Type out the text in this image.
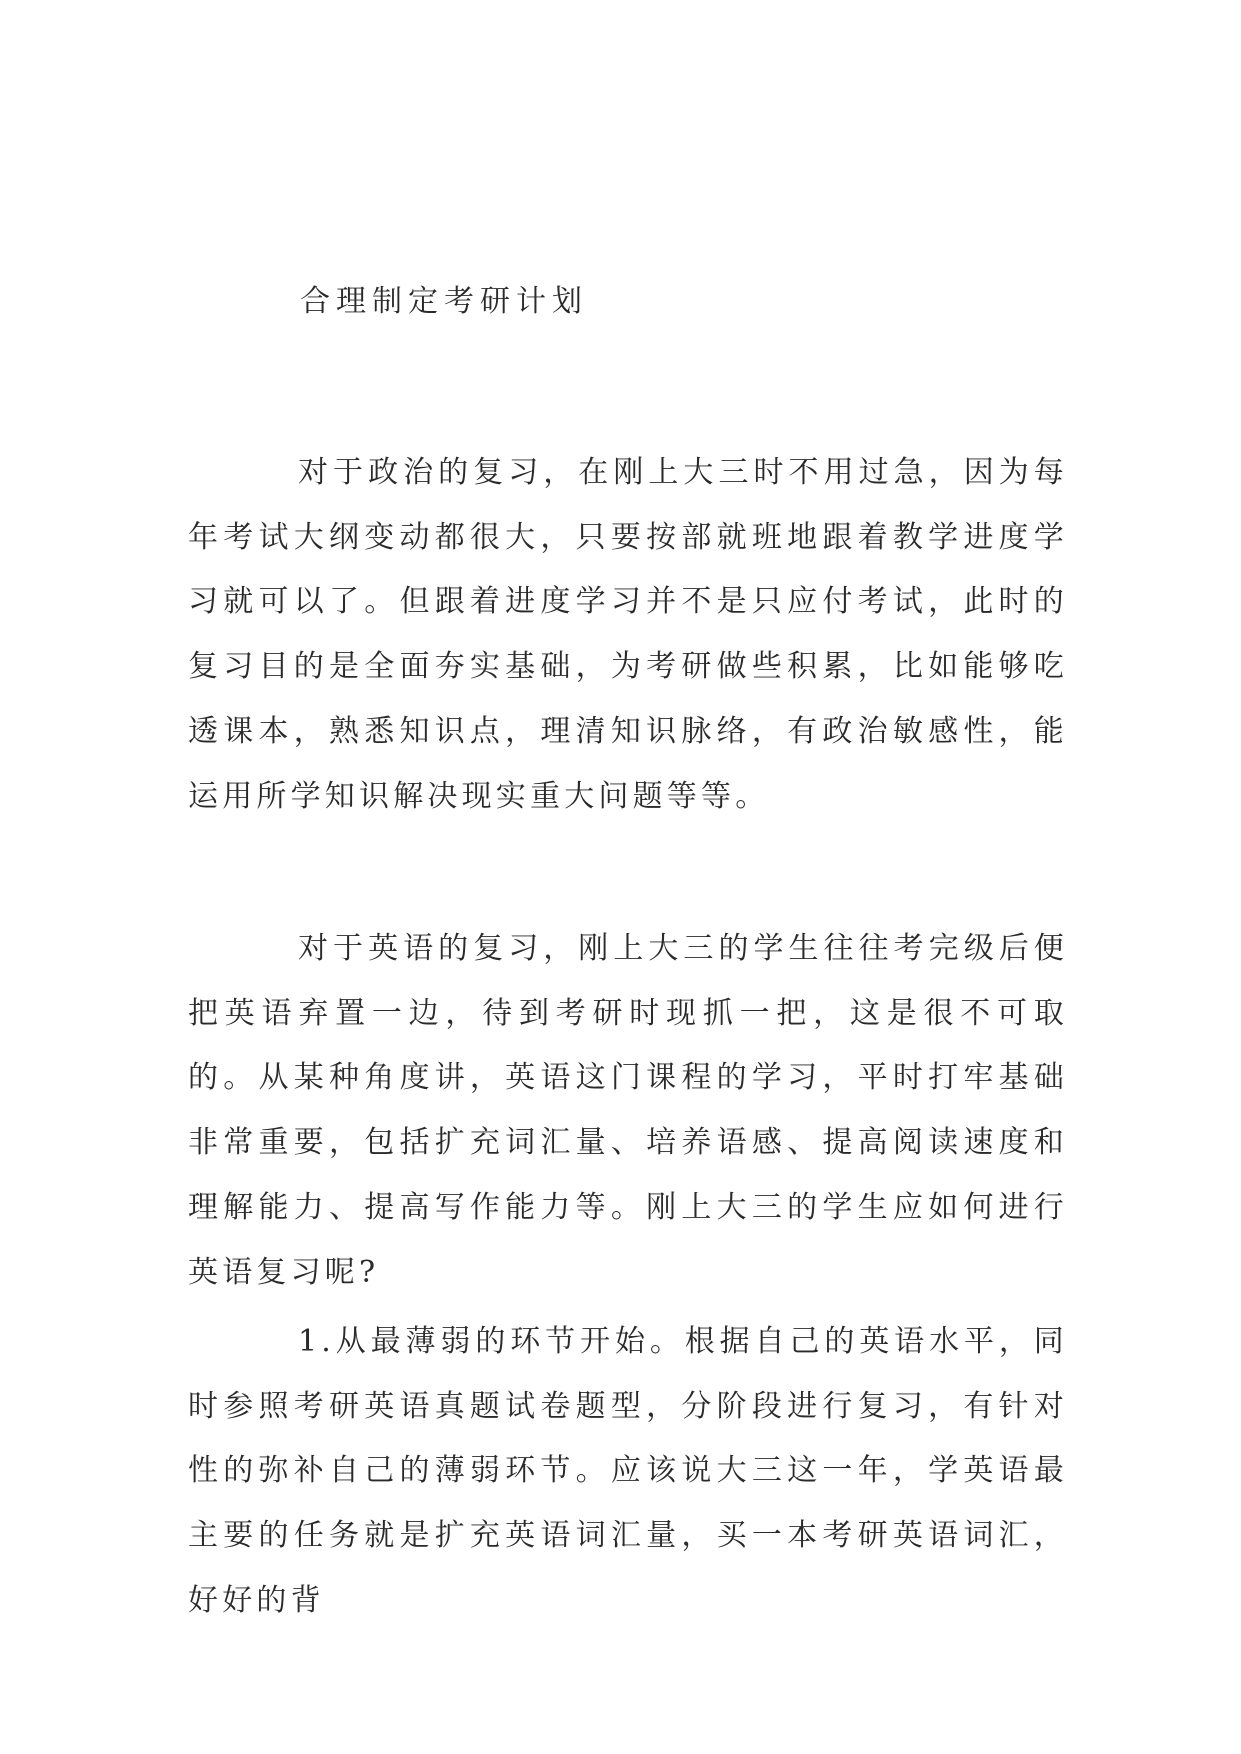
合理制定考研计划

对于政治的复习，在刚上大三时不用过急，因为每年考试大纲变动都很大，只要按部就班地跟着教学进度学习就可以了。但跟着进度学习并不是只应付考试，此时的复习目的是全面夯实基础，为考研做些积累，比如能够吃透课本，熟悉知识点，理清知识脉络，有政治敏感性，能运用所学知识解决现实重大问题等等。

对于英语的复习，刚上大三的学生往往考完级后便把英语弃置一边，待到考研时现抓一把，这是很不可取的。从某种角度讲，英语这门课程的学习，平时打牢基础非常重要，包括扩充词汇量、培养语感、提高阅读速度和理解能力、提高写作能力等。刚上大三的学生应如何进行英语复习呢?

1.从最薄弱的环节开始。根据自己的英语水平，同时参照考研英语真题试卷题型，分阶段进行复习，有针对性的弥补自己的薄弱环节。应该说大三这一年，学英语最主要的任务就是扩充英语词汇量，买一本考研英语词汇，好好的背
